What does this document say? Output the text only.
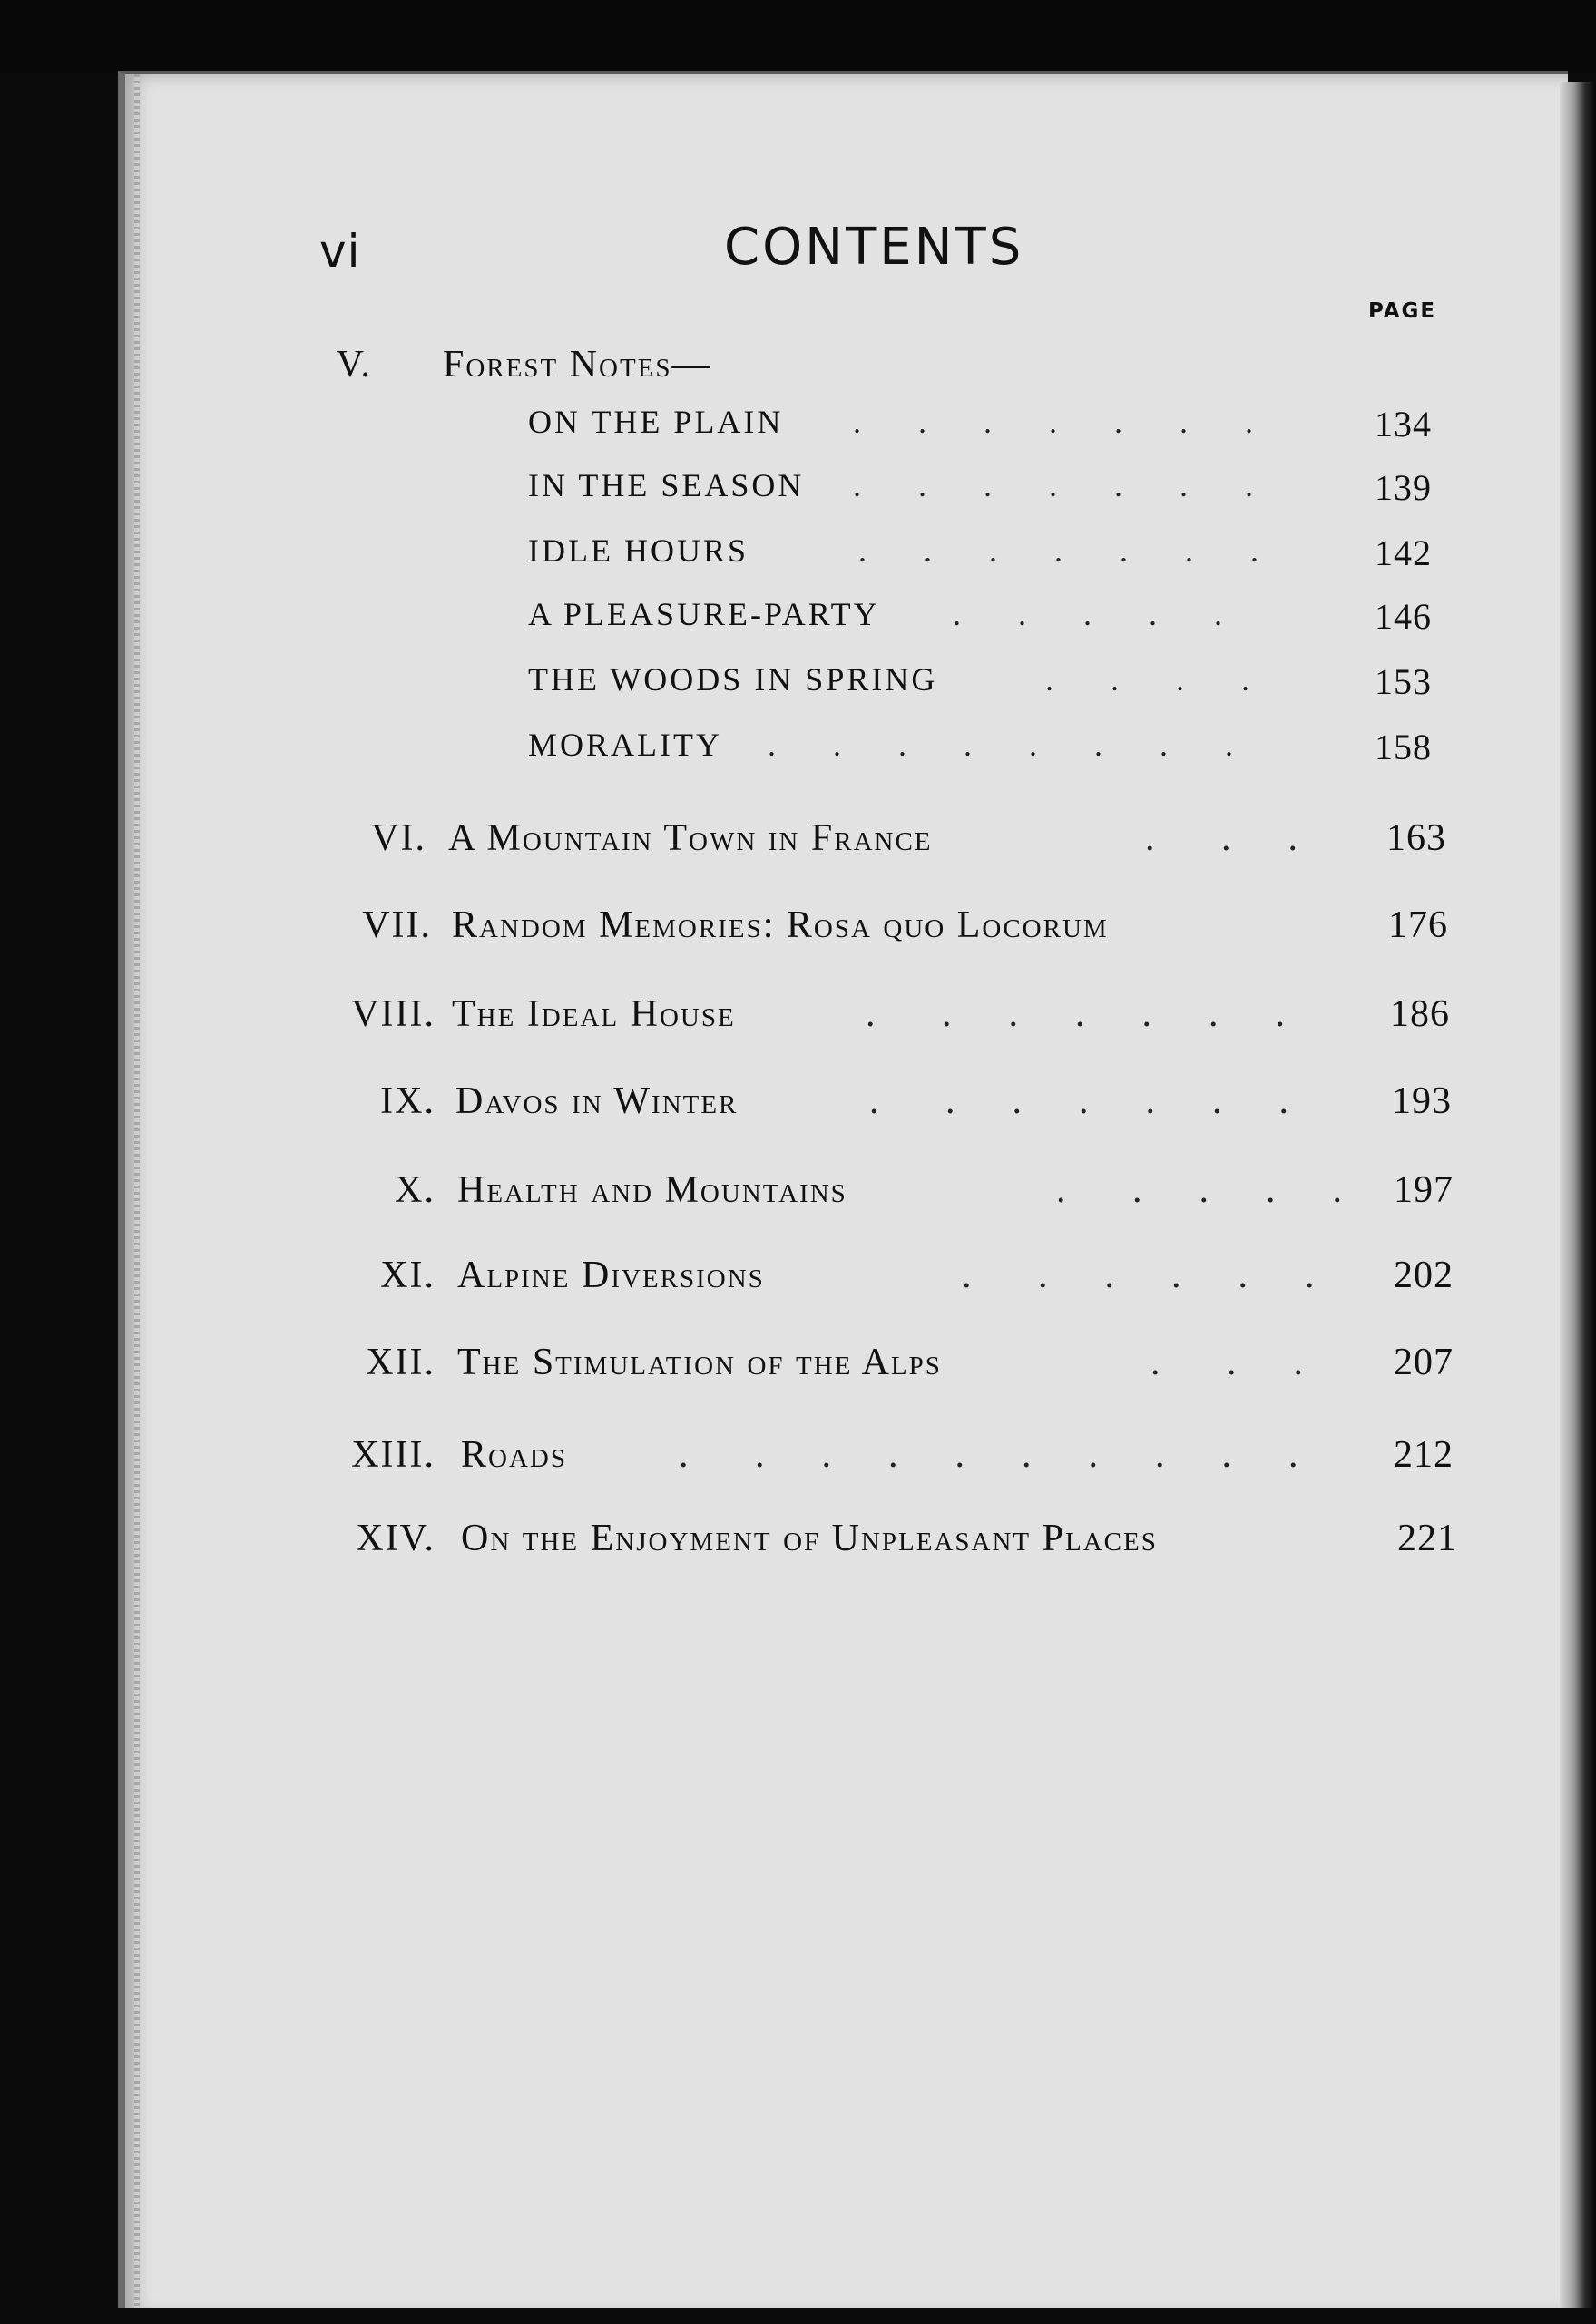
vi	CONTENTS
PAGE
V. Forest Notes—
ON THE PLAIN .       .       .       .       .       .       .	134
IN THE SEASON .       .       .       .       .       .       .	139
IDLE HOURS	.       .       .       .       .       .       .	142
A PLEASURE-PARTY .       .       .       .       .	146
THE WOODS IN SPRING	.       .       .       .	153
MORALITY .       .       .       .       .       .       .       .	158
VI. A Mountain Town in France	.       .      . 163
VII. Random Memories: Rosa quo Locorum	176
VIII. The Ideal House	.       .      .      .      .      .      .	186
IX. Davos in Winter	.       .      .      .      .      .      .	193
X. Health and Mountains	.       .      .      .      . 197
XI. Alpine Diversions	.       .      .      .      .      . 202
XII. The Stimulation of the Alps	.       .      . 207
XIII. Roads	.       .      .      .      .      .      .      .      .      .	212
XIV. On the Enjoyment of Unpleasant Places	221
